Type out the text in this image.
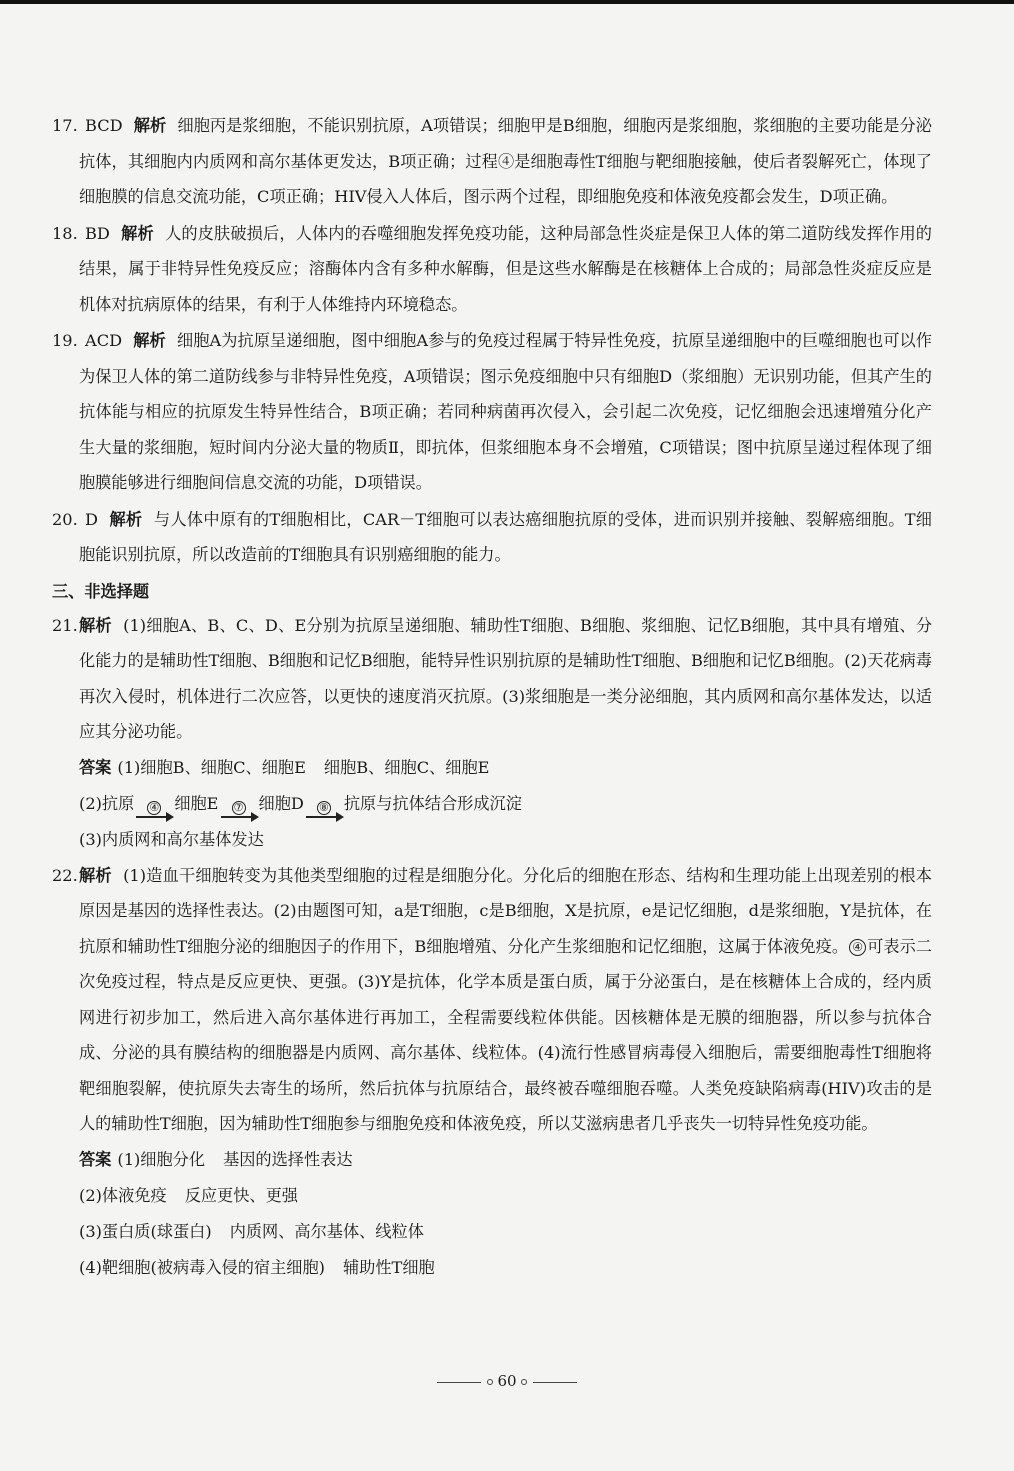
17. BCD 解析 细胞丙是浆细胞，不能识别抗原，A项错误；细胞甲是B细胞，细胞丙是浆细胞，浆细胞的主要功能是分泌抗体，其细胞内内质网和高尔基体更发达，B项正确；过程④是细胞毒性T细胞与靶细胞接触，使后者裂解死亡，体现了细胞膜的信息交流功能，C项正确；HIV侵入人体后，图示两个过程，即细胞免疫和体液免疫都会发生，D项正确。
18. BD 解析 人的皮肤破损后，人体内的吞噬细胞发挥免疫功能，这种局部急性炎症是保卫人体的第二道防线发挥作用的结果，属于非特异性免疫反应；溶酶体内含有多种水解酶，但是这些水解酶是在核糖体上合成的；局部急性炎症反应是机体对抗病原体的结果，有利于人体维持内环境稳态。
19. ACD 解析 细胞A为抗原呈递细胞，图中细胞A参与的免疫过程属于特异性免疫，抗原呈递细胞中的巨噬细胞也可以作为保卫人体的第二道防线参与非特异性免疫，A项错误；图示免疫细胞中只有细胞D（浆细胞）无识别功能，但其产生的抗体能与相应的抗原发生特异性结合，B项正确；若同种病菌再次侵入，会引起二次免疫，记忆细胞会迅速增殖分化产生大量的浆细胞，短时间内分泌大量的物质Ⅱ，即抗体，但浆细胞本身不会增殖，C项错误；图中抗原呈递过程体现了细胞膜能够进行细胞间信息交流的功能，D项错误。
20. D 解析 与人体中原有的T细胞相比，CAR－T细胞可以表达癌细胞抗原的受体，进而识别并接触、裂解癌细胞。T细胞能识别抗原，所以改造前的T细胞具有识别癌细胞的能力。
三、非选择题
21. 解析 (1)细胞A、B、C、D、E分别为抗原呈递细胞、辅助性T细胞、B细胞、浆细胞、记忆B细胞，其中具有增殖、分化能力的是辅助性T细胞、B细胞和记忆B细胞，能特异性识别抗原的是辅助性T细胞、B细胞和记忆B细胞。(2)天花病毒再次入侵时，机体进行二次应答，以更快的速度消灭抗原。(3)浆细胞是一类分泌细胞，其内质网和高尔基体发达，以适应其分泌功能。
答案 (1)细胞B、细胞C、细胞E 细胞B、细胞C、细胞E
(2)抗原 ④ 细胞E ⑦ 细胞D ⑧ 抗原与抗体结合形成沉淀
(3)内质网和高尔基体发达
22. 解析 (1)造血干细胞转变为其他类型细胞的过程是细胞分化。分化后的细胞在形态、结构和生理功能上出现差别的根本原因是基因的选择性表达。(2)由题图可知，a是T细胞，c是B细胞，X是抗原，e是记忆细胞，d是浆细胞，Y是抗体，在抗原和辅助性T细胞分泌的细胞因子的作用下，B细胞增殖、分化产生浆细胞和记忆细胞，这属于体液免疫。 ④ 可表示二次免疫过程，特点是反应更快、更强。(3)Y是抗体，化学本质是蛋白质，属于分泌蛋白，是在核糖体上合成的，经内质网进行初步加工，然后进入高尔基体进行再加工，全程需要线粒体供能。因核糖体是无膜的细胞器，所以参与抗体合成、分泌的具有膜结构的细胞器是内质网、高尔基体、线粒体。(4)流行性感冒病毒侵入细胞后，需要细胞毒性T细胞将靶细胞裂解，使抗原失去寄生的场所，然后抗体与抗原结合，最终被吞噬细胞吞噬。人类免疫缺陷病毒(HIV)攻击的是人的辅助性T细胞，因为辅助性T细胞参与细胞免疫和体液免疫，所以艾滋病患者几乎丧失一切特异性免疫功能。
答案 (1)细胞分化 基因的选择性表达
(2)体液免疫 反应更快、更强
(3)蛋白质(球蛋白) 内质网、高尔基体、线粒体
(4)靶细胞(被病毒入侵的宿主细胞) 辅助性T细胞
60
